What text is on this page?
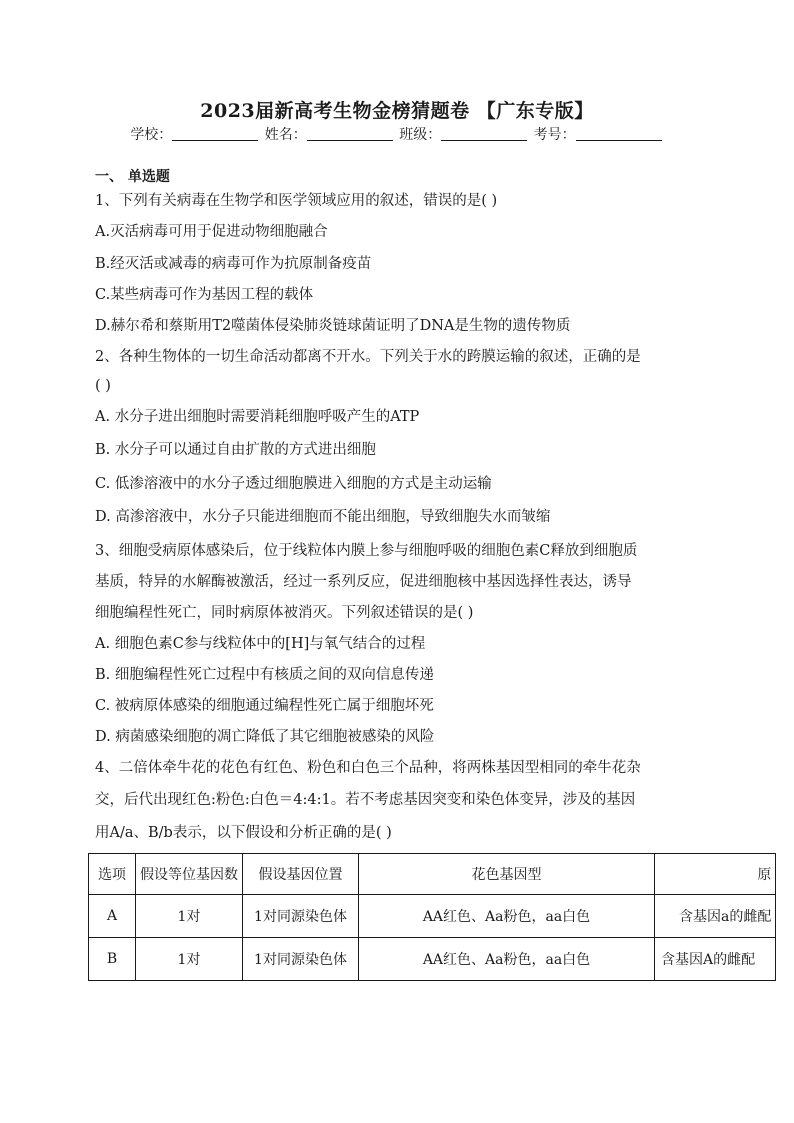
2023届新高考生物金榜猜题卷 【广东专版】
学校：	姓名：	班级：	考号：
一、 单选题
1、下列有关病毒在生物学和医学领域应用的叙述，错误的是( )
A.灭活病毒可用于促进动物细胞融合
B.经灭活或减毒的病毒可作为抗原制备疫苗
C.某些病毒可作为基因工程的载体
D.赫尔希和蔡斯用T2噬菌体侵染肺炎链球菌证明了DNA是生物的遗传物质
2、各种生物体的一切生命活动都离不开水。下列关于水的跨膜运输的叙述，正确的是
( )
A. 水分子进出细胞时需要消耗细胞呼吸产生的ATP
B. 水分子可以通过自由扩散的方式进出细胞
C. 低渗溶液中的水分子透过细胞膜进入细胞的方式是主动运输
D. 高渗溶液中，水分子只能进细胞而不能出细胞，导致细胞失水而皱缩
3、细胞受病原体感染后，位于线粒体内膜上参与细胞呼吸的细胞色素C释放到细胞质
基质，特异的水解酶被激活，经过一系列反应，促进细胞核中基因选择性表达，诱导
细胞编程性死亡，同时病原体被消灭。下列叙述错误的是( )
A. 细胞色素C参与线粒体中的[H]与氧气结合的过程
B. 细胞编程性死亡过程中有核质之间的双向信息传递
C. 被病原体感染的细胞通过编程性死亡属于细胞坏死
D. 病菌感染细胞的凋亡降低了其它细胞被感染的风险
4、二倍体牵牛花的花色有红色、粉色和白色三个品种，将两株基因型相同的牵牛花杂
交，后代出现红色:粉色:白色＝4:4:1。若不考虑基因突变和染色体变异，涉及的基因
用A/a、B/b表示，以下假设和分析正确的是( )
选项	假设等位基因数	假设基因位置	花色基因型	原
A	1对	1对同源染色体	AA红色、Aa粉色，aa白色	含基因a的雌配
B	1对	1对同源染色体	AA红色、Aa粉色，aa白色	含基因A的雌配
